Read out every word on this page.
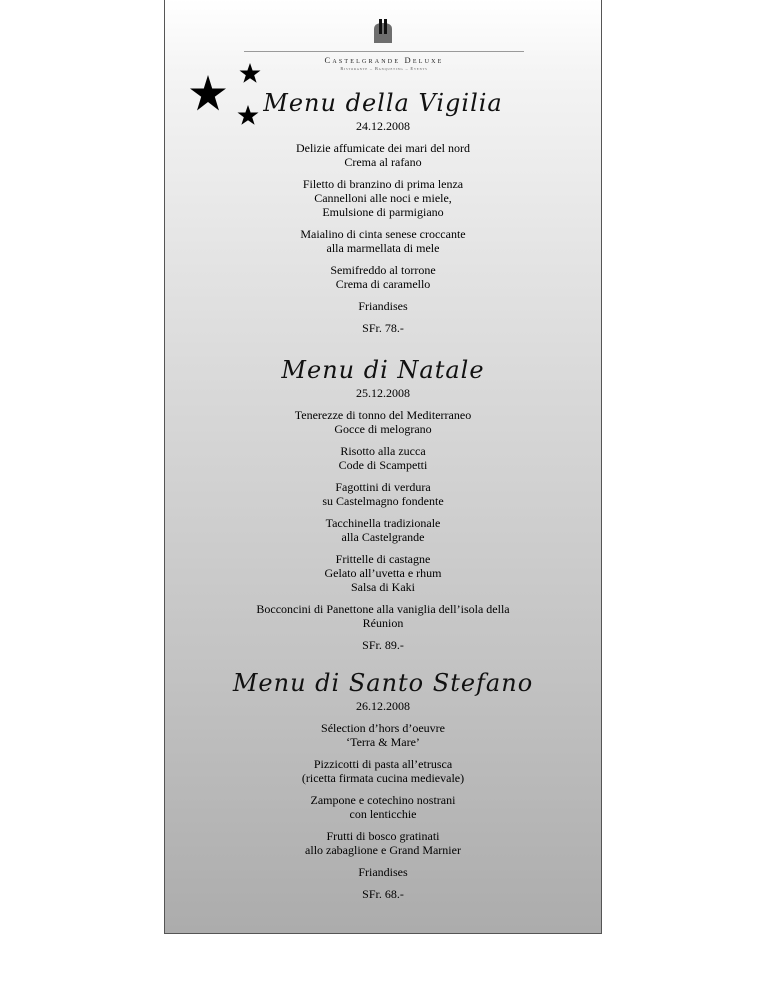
Castelgrande Deluxe
Ristorante – Banqueting – Events
Menu della Vigilia
24.12.2008
Delizie affumicate dei mari del nord
Crema al rafano
Filetto di branzino di prima lenza
Cannelloni alle noci e miele,
Emulsione di parmigiano
Maialino di cinta senese croccante
alla marmellata di mele
Semifreddo al torrone
Crema di caramello
Friandises
SFr. 78.-
Menu di Natale
25.12.2008
Tenerezze di tonno del Mediterraneo
Gocce di melograno
Risotto alla zucca
Code di Scampetti
Fagottini di verdura
su Castelmagno fondente
Tacchinella tradizionale
alla Castelgrande
Frittelle di castagne
Gelato all’uvetta e rhum
Salsa di Kaki
Bocconcini di Panettone alla vaniglia dell’isola della
Réunion
SFr. 89.-
Menu di Santo Stefano
26.12.2008
Sélection d’hors d’oeuvre
‘Terra & Mare’
Pizzicotti di pasta all’etrusca
(ricetta firmata cucina medievale)
Zampone e cotechino nostrani
con lenticchie
Frutti di bosco gratinati
allo zabaglione e Grand Marnier
Friandises
SFr. 68.-
